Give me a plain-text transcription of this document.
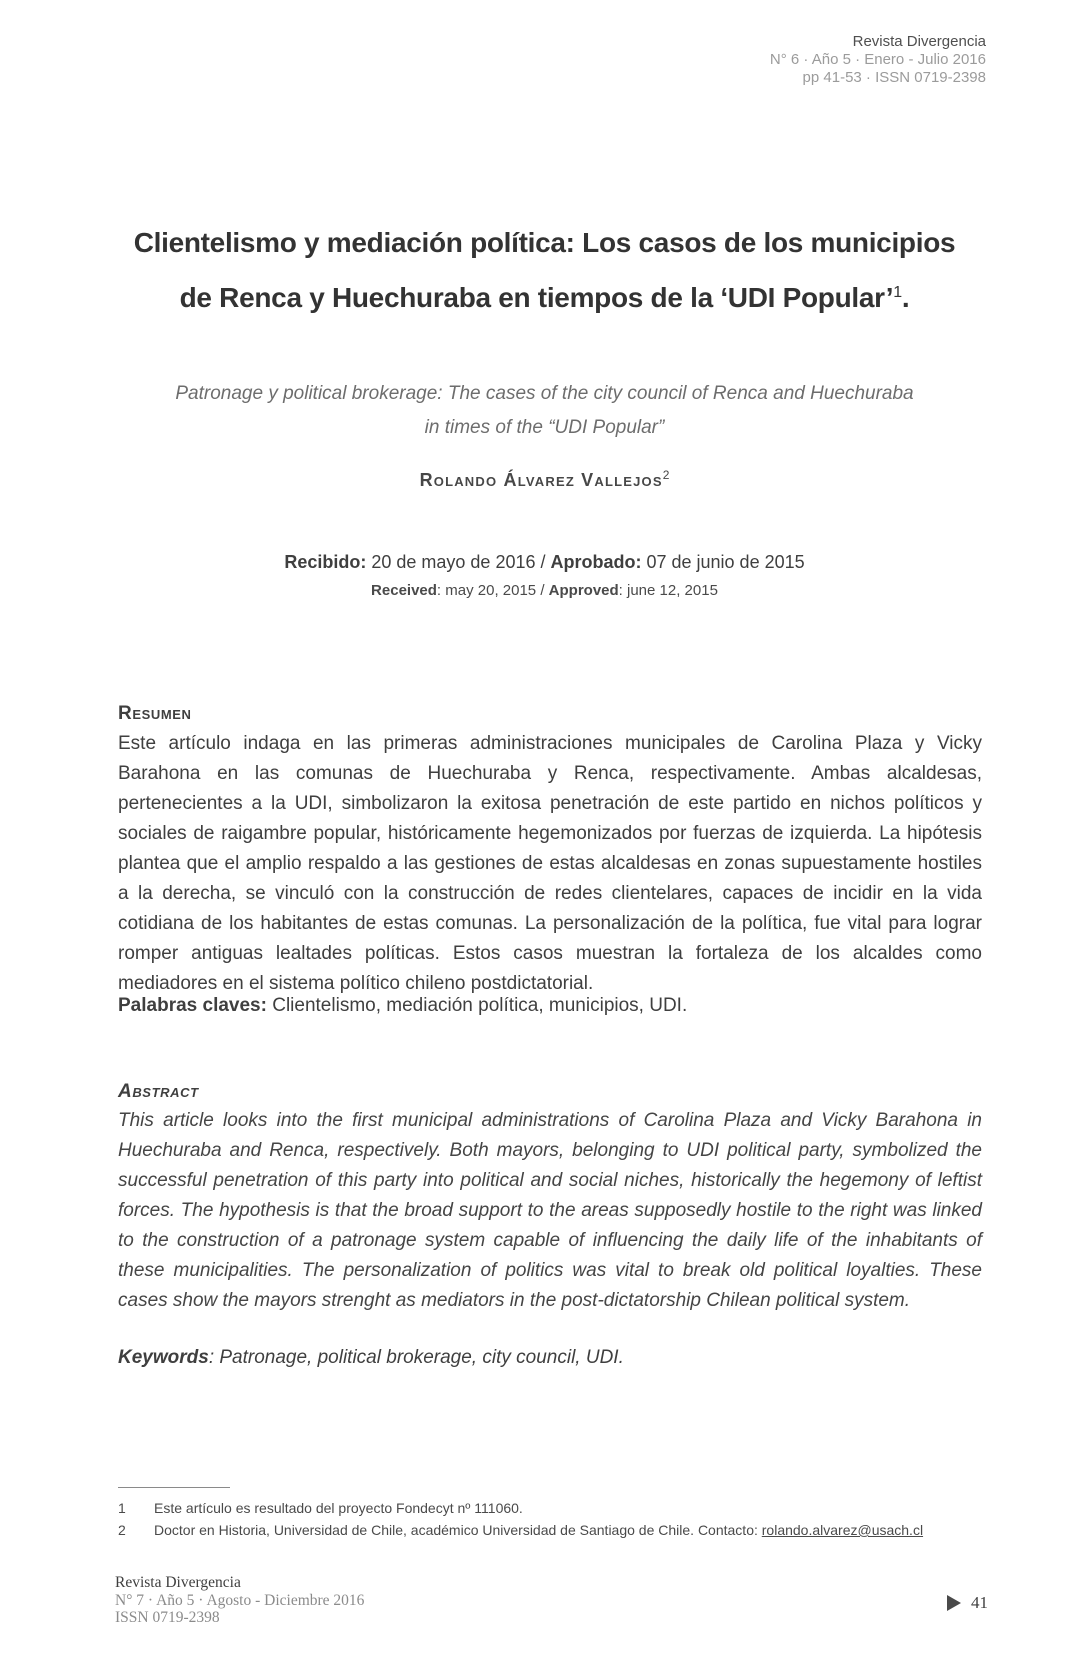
Revista Divergencia
N° 6 · Año 5 · Enero - Julio 2016
pp 41-53 · ISSN 0719-2398
Clientelismo y mediación política: Los casos de los municipios
de Renca y Huechuraba en tiempos de la ‘UDI Popular’$^1$.
Patronage y political brokerage: The cases of the city council of Renca and Huechuraba
in times of the “UDI Popular”
Rolando Álvarez Vallejos$^2$
Recibido: 20 de mayo de 2016 / Aprobado: 07 de junio de 2015
Received: may 20, 2015 / Approved: june 12, 2015
Resumen

Este artículo indaga en las primeras administraciones municipales de Carolina Plaza y Vicky Barahona en las comunas de Huechuraba y Renca, respectivamente. Ambas alcaldesas, pertenecientes a la UDI, simbolizaron la exitosa penetración de este partido en nichos políticos y sociales de raigambre popular, históricamente hegemonizados por fuerzas de izquierda. La hipótesis plantea que el amplio respaldo a las gestiones de estas alcaldesas en zonas supuestamente hostiles a la derecha, se vinculó con la construcción de redes clientelares, capaces de incidir en la vida cotidiana de los habitantes de estas comunas. La personalización de la política, fue vital para lograr romper antiguas lealtades políticas. Estos casos muestran la fortaleza de los alcaldes como mediadores en el sistema político chileno postdictatorial.

Palabras claves: Clientelismo, mediación política, municipios, UDI.

Abstract

This article looks into the first municipal administrations of Carolina Plaza and Vicky Barahona in Huechuraba and Renca, respectively. Both mayors, belonging to UDI political party, symbolized the successful penetration of this party into political and social niches, historically the hegemony of leftist forces. The hypothesis is that the broad support to the areas supposedly hostile to the right was linked to the construction of a patronage system capable of influencing the daily life of the inhabitants of these municipalities. The personalization of politics was vital to break old political loyalties. These cases show the mayors strenght as mediators in the post-dictatorship Chilean political system.

Keywords: Patronage, political brokerage, city council, UDI.

1	Este artículo es resultado del proyecto Fondecyt nº 111060.
2	Doctor en Historia, Universidad de Chile, académico Universidad de Santiago de Chile. Contacto: rolando.alvarez@usach.cl
Revista Divergencia
N° 7 · Año 5 · Agosto - Diciembre 2016
ISSN 0719-2398
41
